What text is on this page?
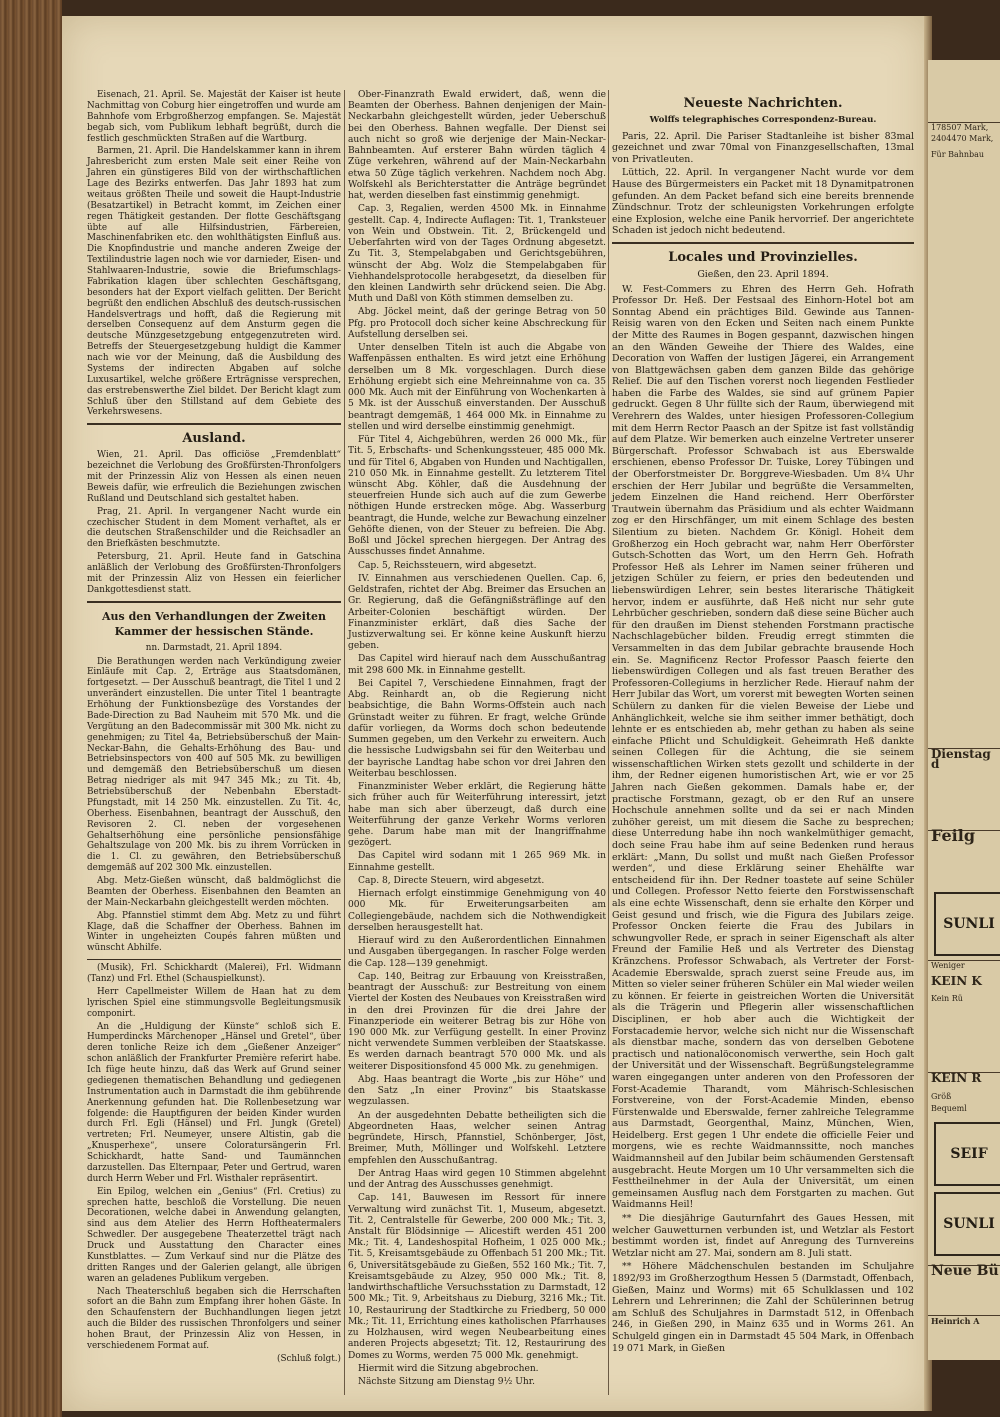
Eisenach, 21. April. Se. Majestät der Kaiser ist heute Nachmittag von Coburg hier eingetroffen und wurde am Bahnhofe vom Erbgroßherzog empfangen. Se. Majestät begab sich, vom Publikum lebhaft begrüßt, durch die festlich geschmückten Straßen auf die Wartburg.

Barmen, 21. April. Die Handelskammer kann in ihrem Jahresbericht zum ersten Male seit einer Reihe von Jahren ein günstigeres Bild von der wirthschaftlichen Lage des Bezirks entwerfen. Das Jahr 1893 hat zum weitaus größten Theile und soweit die Haupt-Industrie (Besatzartikel) in Betracht kommt, im Zeichen einer regen Thätigkeit gestanden. Der flotte Geschäftsgang übte auf alle Hilfsindustrien, Färbereien, Maschinenfabriken etc. den wohlthätigsten Einfluß aus. Die Knopfindustrie und manche anderen Zweige der Textilindustrie lagen noch wie vor darnieder, Eisen- und Stahlwaaren-Industrie, sowie die Briefumschlags-Fabrikation klagen über schlechten Geschäftsgang, besonders hat der Export vielfach gelitten. Der Bericht begrüßt den endlichen Abschluß des deutsch-russischen Handelsvertrags und hofft, daß die Regierung mit derselben Consequenz auf dem Ansturm gegen die deutsche Münzgesetzgebung entgegenzutreten wird. Betreffs der Steuergesetzgebung huldigt die Kammer nach wie vor der Meinung, daß die Ausbildung des Systems der indirecten Abgaben auf solche Luxusartikel, welche größere Erträgnisse versprechen, das erstrebenswerthe Ziel bildet. Der Bericht klagt zum Schluß über den Stillstand auf dem Gebiete des Verkehrswesens.

Ausland.

Wien, 21. April. Das officiöse „Fremdenblatt“ bezeichnet die Verlobung des Großfürsten-Thronfolgers mit der Prinzessin Aliz von Hessen als einen neuen Beweis dafür, wie erfreulich die Beziehungen zwischen Rußland und Deutschland sich gestaltet haben.

Prag, 21. April. In vergangener Nacht wurde ein czechischer Student in dem Moment verhaftet, als er die deutschen Straßenschilder und die Reichsadler an den Briefkästen beschmutzte.

Petersburg, 21. April. Heute fand in Gatschina anläßlich der Verlobung des Großfürsten-Thronfolgers mit der Prinzessin Aliz von Hessen ein feierlicher Dankgottesdienst statt.

Aus den Verhandlungen der Zweiten Kammer der hessischen Stände.
nn. Darmstadt, 21. April 1894.

Die Berathungen werden nach Verkündigung zweier Einläufe mit Cap. 2, Erträge aus Staatsdomänen, fortgesetzt. — Der Ausschuß beantragt, die Titel 1 und 2 unverändert einzustellen. Die unter Titel 1 beantragte Erhöhung der Funktionsbezüge des Vorstandes der Bade-Direction zu Bad Nauheim mit 570 Mk. und die Vergütung an den Badecommissär mit 300 Mk. nicht zu genehmigen; zu Titel 4a, Betriebsüberschuß der Main-Neckar-Bahn, die Gehalts-Erhöhung des Bau- und Betriebsinspectors von 400 auf 505 Mk. zu bewilligen und demgemäß den Betriebsüberschuß um diesen Betrag niedriger als mit 947 345 Mk.; zu Tit. 4b, Betriebsüberschuß der Nebenbahn Eberstadt-Pfungstadt, mit 14 250 Mk. einzustellen. Zu Tit. 4c, Oberhess. Eisenbahnen, beantragt der Ausschuß, den Revisoren 2. Cl. neben der vorgesehenen Gehaltserhöhung eine persönliche pensionsfähige Gehaltszulage von 200 Mk. bis zu ihrem Vorrücken in die 1. Cl. zu gewähren, den Betriebsüberschuß demgemäß auf 202 300 Mk. einzustellen.

Abg. Metz-Gießen wünscht, daß baldmöglichst die Beamten der Oberhess. Eisenbahnen den Beamten an der Main-Neckarbahn gleichgestellt werden möchten.

Abg. Pfannstiel stimmt dem Abg. Metz zu und führt Klage, daß die Schaffner der Oberhess. Bahnen im Winter in ungeheizten Coupés fahren müßten und wünscht Abhilfe.

(Musik), Frl. Schickhardt (Malerei), Frl. Widmann (Tanz) und Frl. Ethel (Schauspielkunst).

Herr Capellmeister Willem de Haan hat zu dem lyrischen Spiel eine stimmungsvolle Begleitungsmusik componirt.

An die „Huldigung der Künste“ schloß sich E. Humperdincks Märchenoper „Hänsel und Gretel“, über deren tonliche Reize ich dem „Gießener Anzeiger“ schon anläßlich der Frankfurter Première referirt habe. Ich füge heute hinzu, daß das Werk auf Grund seiner gediegenen thematischen Behandlung und gediegenen Instrumentation auch in Darmstadt die ihm gebührende Anerkennung gefunden hat. Die Rollenbesetzung war folgende: die Hauptfiguren der beiden Kinder wurden durch Frl. Egli (Hänsel) und Frl. Jungk (Gretel) vertreten; Frl. Neumeyer, unsere Altistin, gab die „Knusperhexe“, unsere Coloratursängerin Frl. Schickhardt, hatte Sand- und Taumännchen darzustellen. Das Elternpaar, Peter und Gertrud, waren durch Herrn Weber und Frl. Wisthaler repräsentirt.

Ein Epilog, welchen ein „Genius“ (Frl. Cretius) zu sprechen hatte, beschloß die Vorstellung. Die neuen Decorationen, welche dabei in Anwendung gelangten, sind aus dem Atelier des Herrn Hoftheatermalers Schwedler. Der ausgegebene Theaterzettel trägt nach Druck und Ausstattung den Character eines Kunstblattes. — Zum Verkauf sind nur die Plätze des dritten Ranges und der Galerien gelangt, alle übrigen waren an geladenes Publikum vergeben.

Nach Theaterschluß begaben sich die Herrschaften sofort an die Bahn zum Empfang ihrer hohen Gäste. In den Schaufenstern der Buchhandlungen liegen jetzt auch die Bilder des russischen Thronfolgers und seiner hohen Braut, der Prinzessin Aliz von Hessen, in verschiedenem Format auf.

(Schluß folgt.)

Ober-Finanzrath Ewald erwidert, daß, wenn die Beamten der Oberhess. Bahnen denjenigen der Main-Neckarbahn gleichgestellt würden, jeder Ueberschuß bei den Oberhess. Bahnen wegfalle. Der Dienst sei auch nicht so groß wie derjenige der Main-Neckar-Bahnbeamten. Auf ersterer Bahn würden täglich 4 Züge verkehren, während auf der Main-Neckarbahn etwa 50 Züge täglich verkehren. Nachdem noch Abg. Wolfskehl als Berichterstatter die Anträge begründet hat, werden dieselben fast einstimmig genehmigt.

Cap. 3, Regalien, werden 4500 Mk. in Einnahme gestellt. Cap. 4, Indirecte Auflagen: Tit. 1, Tranksteuer von Wein und Obstwein. Tit. 2, Brückengeld und Ueberfahrten wird von der Tages Ordnung abgesetzt. Zu Tit. 3, Stempelabgaben und Gerichtsgebühren, wünscht der Abg. Wolz die Stempelabgaben für Viehhandelsprotocolle herabgesetzt, da dieselben für den kleinen Landwirth sehr drückend seien. Die Abg. Muth und Daßl von Köth stimmen demselben zu.

Abg. Jöckel meint, daß der geringe Betrag von 50 Pfg. pro Protocoll doch sicher keine Abschreckung für Aufstellung derselben sei.

Unter denselben Titeln ist auch die Abgabe von Waffenpässen enthalten. Es wird jetzt eine Erhöhung derselben um 8 Mk. vorgeschlagen. Durch diese Erhöhung ergiebt sich eine Mehreinnahme von ca. 35 000 Mk. Auch mit der Einführung von Wochenkarten à 5 Mk. ist der Ausschuß einverstanden. Der Ausschuß beantragt demgemäß, 1 464 000 Mk. in Einnahme zu stellen und wird derselbe einstimmig genehmigt.

Für Titel 4, Aichgebühren, werden 26 000 Mk., für Tit. 5, Erbschafts- und Schenkungssteuer, 485 000 Mk. und für Titel 6, Abgaben von Hunden und Nachtigallen, 210 050 Mk. in Einnahme gestellt. Zu letzterem Titel wünscht Abg. Köhler, daß die Ausdehnung der steuerfreien Hunde sich auch auf die zum Gewerbe nöthigen Hunde erstrecken möge. Abg. Wasserburg beantragt, die Hunde, welche zur Bewachung einzelner Gehöfte dienen, von der Steuer zu befreien. Die Abg. Boßl und Jöckel sprechen hiergegen. Der Antrag des Ausschusses findet Annahme.

Cap. 5, Reichssteuern, wird abgesetzt.

IV. Einnahmen aus verschiedenen Quellen. Cap. 6, Geldstrafen, richtet der Abg. Breimer das Ersuchen an Gr. Regierung, daß die Gefängnißsträflinge auf den Arbeiter-Colonien beschäftigt würden. Der Finanzminister erklärt, daß dies Sache der Justizverwaltung sei. Er könne keine Auskunft hierzu geben.

Das Capitel wird hierauf nach dem Ausschußantrag mit 298 600 Mk. in Einnahme gestellt.

Bei Capitel 7, Verschiedene Einnahmen, fragt der Abg. Reinhardt an, ob die Regierung nicht beabsichtige, die Bahn Worms-Offstein auch nach Grünstadt weiter zu führen. Er fragt, welche Gründe dafür vorliegen, da Worms doch schon bedeutende Summen gegeben, um den Verkehr zu erweitern. Auch die hessische Ludwigsbahn sei für den Weiterbau und der bayrische Landtag habe schon vor drei Jahren den Weiterbau beschlossen.

Finanzminister Weber erklärt, die Regierung hätte sich früher auch für Weiterführung interessirt, jetzt habe man sich aber überzeugt, daß durch eine Weiterführung der ganze Verkehr Worms verloren gehe. Darum habe man mit der Inangriffnahme gezögert.

Das Capitel wird sodann mit 1 265 969 Mk. in Einnahme gestellt.

Cap. 8, Directe Steuern, wird abgesetzt.

Hiernach erfolgt einstimmige Genehmigung von 40 000 Mk. für Erweiterungsarbeiten am Collegiengebäude, nachdem sich die Nothwendigkeit derselben herausgestellt hat.

Hierauf wird zu den Außerordentlichen Einnahmen und Ausgaben übergegangen. In rascher Folge werden die Cap. 128—139 genehmigt.

Cap. 140, Beitrag zur Erbauung von Kreisstraßen, beantragt der Ausschuß: zur Bestreitung von einem Viertel der Kosten des Neubaues von Kreisstraßen wird in den drei Provinzen für die drei Jahre der Finanzperiode ein weiterer Betrag bis zur Höhe von 190 000 Mk. zur Verfügung gestellt. In einer Provinz nicht verwendete Summen verbleiben der Staatskasse. Es werden darnach beantragt 570 000 Mk. und als weiterer Dispositionsfond 45 000 Mk. zu genehmigen.

Abg. Haas beantragt die Worte „bis zur Höhe“ und den Satz „In einer Provinz“ bis Staatskasse wegzulassen.

An der ausgedehnten Debatte betheiligten sich die Abgeordneten Haas, welcher seinen Antrag begründete, Hirsch, Pfannstiel, Schönberger, Jöst, Breimer, Muth, Möllinger und Wolfskehl. Letztere empfehlen den Ausschußantrag.

Der Antrag Haas wird gegen 10 Stimmen abgelehnt und der Antrag des Ausschusses genehmigt.

Cap. 141, Bauwesen im Ressort für innere Verwaltung wird zunächst Tit. 1, Museum, abgesetzt. Tit. 2, Centralstelle für Gewerbe, 200 000 Mk.; Tit. 3, Anstalt für Blödsinnige — Alicestift werden 451 200 Mk.; Tit. 4, Landeshospital Hofheim, 1 025 000 Mk.; Tit. 5, Kreisamtsgebäude zu Offenbach 51 200 Mk.; Tit. 6, Universitätsgebäude zu Gießen, 552 160 Mk.; Tit. 7, Kreisamtsgebäude zu Alzey, 950 000 Mk.; Tit. 8, landwirthschaftliche Versuchsstation zu Darmstadt, 12 500 Mk.; Tit. 9, Arbeitshaus zu Dieburg, 3216 Mk.; Tit. 10, Restaurirung der Stadtkirche zu Friedberg, 50 000 Mk.; Tit. 11, Errichtung eines katholischen Pfarrhauses zu Holzhausen, wird wegen Neubearbeitung eines anderen Projects abgesetzt; Tit. 12, Restaurirung des Domes zu Worms, werden 75 000 Mk. genehmigt.

Hiermit wird die Sitzung abgebrochen.

Nächste Sitzung am Dienstag 9½ Uhr.

Neueste Nachrichten.
Wolffs telegraphisches Correspondenz-Bureau.

Paris, 22. April. Die Pariser Stadtanleihe ist bisher 83mal gezeichnet und zwar 70mal von Finanzgesellschaften, 13mal von Privatleuten.

Lüttich, 22. April. In vergangener Nacht wurde vor dem Hause des Bürgermeisters ein Packet mit 18 Dynamitpatronen gefunden. An dem Packet befand sich eine bereits brennende Zündschnur. Trotz der schleunigsten Vorkehrungen erfolgte eine Explosion, welche eine Panik hervorrief. Der angerichtete Schaden ist jedoch nicht bedeutend.

Locales und Provinzielles.
Gießen, den 23. April 1894.

W. Fest-Commers zu Ehren des Herrn Geh. Hofrath Professor Dr. Heß. Der Festsaal des Einhorn-Hotel bot am Sonntag Abend ein prächtiges Bild. Gewinde aus Tannen-Reisig waren von den Ecken und Seiten nach einem Punkte der Mitte des Raumes in Bogen gespannt, dazwischen hingen an den Wänden Geweihe der Thiere des Waldes, eine Decoration von Waffen der lustigen Jägerei, ein Arrangement von Blattgewächsen gaben dem ganzen Bilde das gehörige Relief. Die auf den Tischen vorerst noch liegenden Festlieder haben die Farbe des Waldes, sie sind auf grünem Papier gedruckt. Gegen 8 Uhr füllte sich der Raum, überwiegend mit Verehrern des Waldes, unter hiesigen Professoren-Collegium mit dem Herrn Rector Paasch an der Spitze ist fast vollständig auf dem Platze. Wir bemerken auch einzelne Vertreter unserer Bürgerschaft. Professor Schwabach ist aus Eberswalde erschienen, ebenso Professor Dr. Tuiske, Lorey Tübingen und der Oberforstmeister Dr. Borggreve-Wiesbaden. Um 8¼ Uhr erschien der Herr Jubilar und begrüßte die Versammelten, jedem Einzelnen die Hand reichend. Herr Oberförster Trautwein übernahm das Präsidium und als echter Waidmann zog er den Hirschfänger, um mit einem Schlage des besten Silentium zu bieten. Nachdem Gr. Königl. Hoheit dem Großherzog ein Hoch gebracht war, nahm Herr Oberförster Gutsch-Schotten das Wort, um den Herrn Geh. Hofrath Professor Heß als Lehrer im Namen seiner früheren und jetzigen Schüler zu feiern, er pries den bedeutenden und liebenswürdigen Lehrer, sein bestes literarische Thätigkeit hervor, indem er ausführte, daß Heß nicht nur sehr gute Lehrbücher geschrieben, sondern daß diese seine Bücher auch für den draußen im Dienst stehenden Forstmann practische Nachschlagebücher bilden. Freudig erregt stimmten die Versammelten in das dem Jubilar gebrachte brausende Hoch ein. Se. Magnificenz Rector Professor Paasch feierte den liebenswürdigen Collegen und als fast treuen Berather des Professoren-Collegiums in herzlicher Rede. Hierauf nahm der Herr Jubilar das Wort, um vorerst mit bewegten Worten seinen Schülern zu danken für die vielen Beweise der Liebe und Anhänglichkeit, welche sie ihm seither immer bethätigt, doch lehnte er es entschieden ab, mehr gethan zu haben als seine einfache Pflicht und Schuldigkeit. Geheimrath Heß dankte seinen Collegen für die Achtung, die sie seinem wissenschaftlichen Wirken stets gezollt und schilderte in der ihm, der Redner eigenen humoristischen Art, wie er vor 25 Jahren nach Gießen gekommen. Damals habe er, der practische Forstmann, gezagt, ob er den Ruf an unsere Hochschule annehmen sollte und da sei er nach Minden zuhöher gereist, um mit diesem die Sache zu besprechen; diese Unterredung habe ihn noch wankelmüthiger gemacht, doch seine Frau habe ihm auf seine Bedenken rund heraus erklärt: „Mann, Du sollst und mußt nach Gießen Professor werden“, und diese Erklärung seiner Ehehälfte war entscheidend für ihn. Der Redner toastete auf seine Schüler und Collegen. Professor Netto feierte den Forstwissenschaft als eine echte Wissenschaft, denn sie erhalte den Körper und Geist gesund und frisch, wie die Figura des Jubilars zeige. Professor Oncken feierte die Frau des Jubilars in schwungvoller Rede, er sprach in seiner Eigenschaft als alter Freund der Familie Heß und als Vertreter des Dienstag Kränzchens. Professor Schwabach, als Vertreter der Forst-Academie Eberswalde, sprach zuerst seine Freude aus, im Mitten so vieler seiner früheren Schüler ein Mal wieder weilen zu können. Er feierte in geistreichen Worten die Universität als die Trägerin und Pflegerin aller wissenschaftlichen Disciplinen, er hob aber auch die Wichtigkeit der Forstacademie hervor, welche sich nicht nur die Wissenschaft als dienstbar mache, sondern das von derselben Gebotene practisch und nationalöconomisch verwerthe, sein Hoch galt der Universität und der Wissenschaft. Begrüßungstelegramme waren eingegangen unter anderen von den Professoren der Forst-Academie Tharandt, vom Mährisch-Schlesischen Forstvereine, von der Forst-Academie Minden, ebenso Fürstenwalde und Eberswalde, ferner zahlreiche Telegramme aus Darmstadt, Georgenthal, Mainz, München, Wien, Heidelberg. Erst gegen 1 Uhr endete die officielle Feier und morgens, wie es rechte Waidmannssitte, noch manches Waidmannsheil auf den Jubilar beim schäumenden Gerstensaft ausgebracht. Heute Morgen um 10 Uhr versammelten sich die Festtheilnehmer in der Aula der Universität, um einen gemeinsamen Ausflug nach dem Forstgarten zu machen. Gut Waidmanns Heil!

** Die diesjährige Gauturnfahrt des Gaues Hessen, mit welcher Gauwetturnen verbunden ist, und Wetzlar als Festort bestimmt worden ist, findet auf Anregung des Turnvereins Wetzlar nicht am 27. Mai, sondern am 8. Juli statt.

** Höhere Mädchenschulen bestanden im Schuljahre 1892/93 im Großherzogthum Hessen 5 (Darmstadt, Offenbach, Gießen, Mainz und Worms) mit 65 Schulklassen und 102 Lehrern und Lehrerinnen; die Zahl der Schülerinnen betrug am Schluß des Schuljahres in Darmstadt 512, in Offenbach 246, in Gießen 290, in Mainz 635 und in Worms 261. An Schulgeld gingen ein in Darmstadt 45 504 Mark, in Offenbach 19 071 Mark, in Gießen

178507 Mark,
2404470 Mark,
Für Bahnbau
Dienstag d
Feilg
SUNLI
Weniger
KEIN K
Kein Rü
KEIN R
Größ
Bequeml
SEIF
SUNLI
Neue Bü
Heinrich A
